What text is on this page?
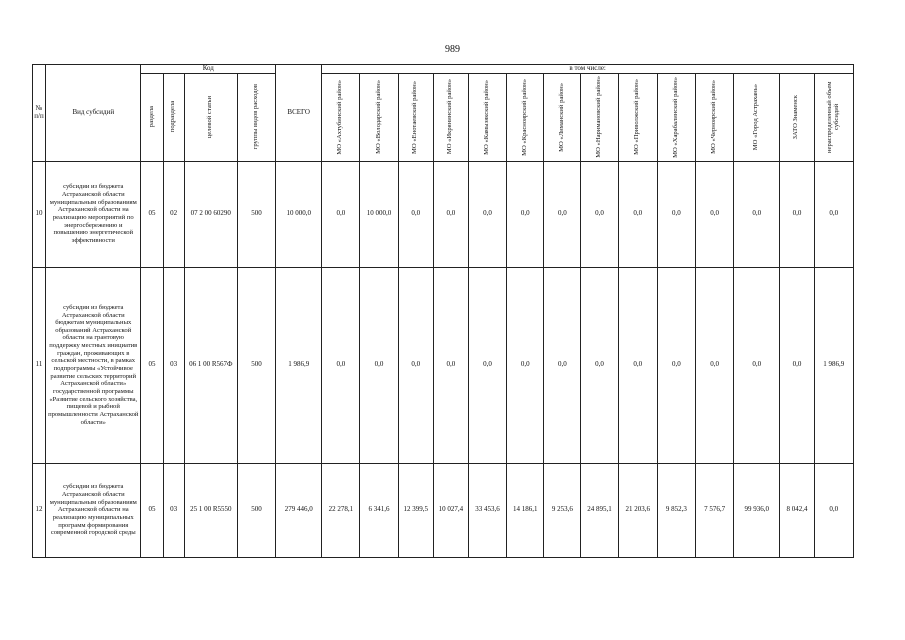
989
№ п/п	Вид субсидий	Код				ВСЕГО	в том числе:													

		раздела	подраздела	целевой статьи	группы видов расходов		МО «Ахтубинский район»	МО «Володарский район»	МО «Енотаевский район»	МО «Икрянинский район»	МО «Камызякский район»	МО «Красноярский район»	МО «Лиманский район»	МО «Наримановский район»	МО «Приволжский район»	МО «Харабалинский район»	МО «Черноярский район»	МО «Город Астрахань»	ЗАТО Знаменск	нераспределенный объем субсидий

10	субсидии из бюджета Астраханской области муниципальным образованиям Астраханской области на реализацию мероприятий по энергосбережению и повышению энергетической эффективности	05	02	07 2 00 60290	500	10 000,0	0,0	10 000,0	0,0	0,0	0,0	0,0	0,0	0,0	0,0	0,0	0,0	0,0	0,0	0,0
11	субсидии из бюджета Астраханской области бюджетам муниципальных образований Астраханской области на грантовую поддержку местных инициатив граждан, проживающих в сельской местности, в рамках подпрограммы «Устойчивое развитие сельских территорий Астраханской области» государственной программы «Развитие сельского хозяйства, пищевой и рыбной промышленности Астраханской области»	05	03	06 1 00 R567Ф	500	1 986,9	0,0	0,0	0,0	0,0	0,0	0,0	0,0	0,0	0,0	0,0	0,0	0,0	0,0	1 986,9
12	субсидии из бюджета Астраханской области муниципальным образованиям Астраханской области на реализацию муниципальных программ формирования современной городской среды	05	03	25 1 00 R5550	500	279 446,0	22 278,1	6 341,6	12 399,5	10 027,4	33 453,6	14 186,1	9 253,6	24 895,1	21 203,6	9 852,3	7 576,7	99 936,0	8 042,4	0,0
